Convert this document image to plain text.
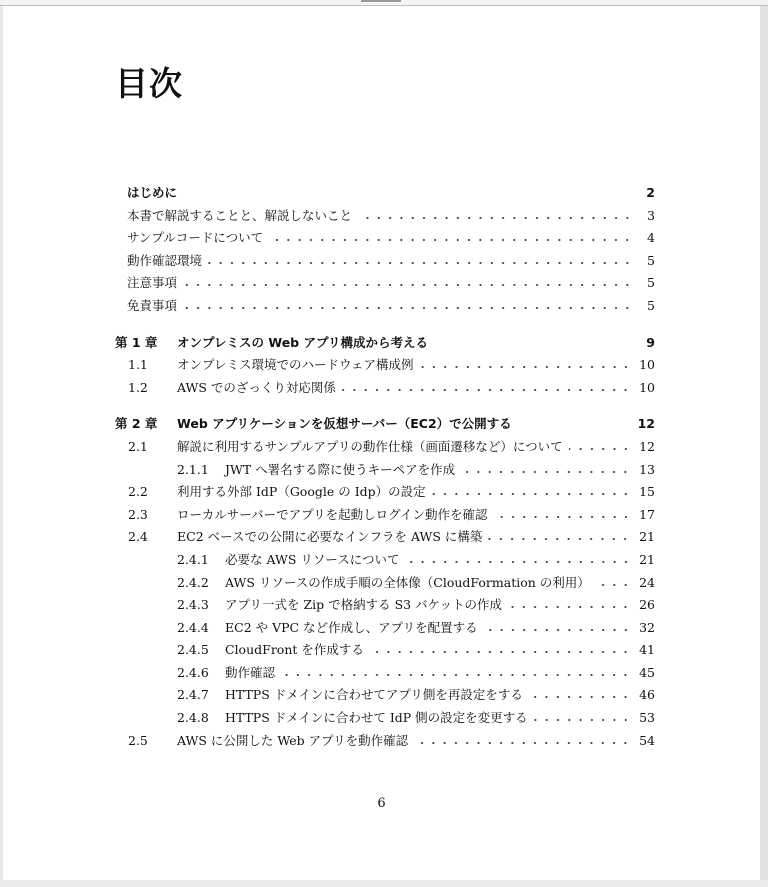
目次
はじめに	2
本書で解説することと、解説しないこと	3
サンプルコードについて	4
動作確認環境	5
注意事項	5
免責事項	5
第 1 章	オンプレミスの Web アプリ構成から考える	9
1.1	オンプレミス環境でのハードウェア構成例	10
1.2	AWS でのざっくり対応関係	10
第 2 章	Web アプリケーションを仮想サーバー（EC2）で公開する	12
2.1	解説に利用するサンプルアプリの動作仕様（画面遷移など）について	12
2.1.1	JWT へ署名する際に使うキーペアを作成	13
2.2	利用する外部 IdP（Google の Idp）の設定	15
2.3	ローカルサーバーでアプリを起動しログイン動作を確認	17
2.4	EC2 ベースでの公開に必要なインフラを AWS に構築	21
2.4.1	必要な AWS リソースについて	21
2.4.2	AWS リソースの作成手順の全体像（CloudFormation の利用）	24
2.4.3	アプリ一式を Zip で格納する S3 バケットの作成	26
2.4.4	EC2 や VPC など作成し、アプリを配置する	32
2.4.5	CloudFront を作成する	41
2.4.6	動作確認	45
2.4.7	HTTPS ドメインに合わせてアプリ側を再設定をする	46
2.4.8	HTTPS ドメインに合わせて IdP 側の設定を変更する	53
2.5	AWS に公開した Web アプリを動作確認	54
6
